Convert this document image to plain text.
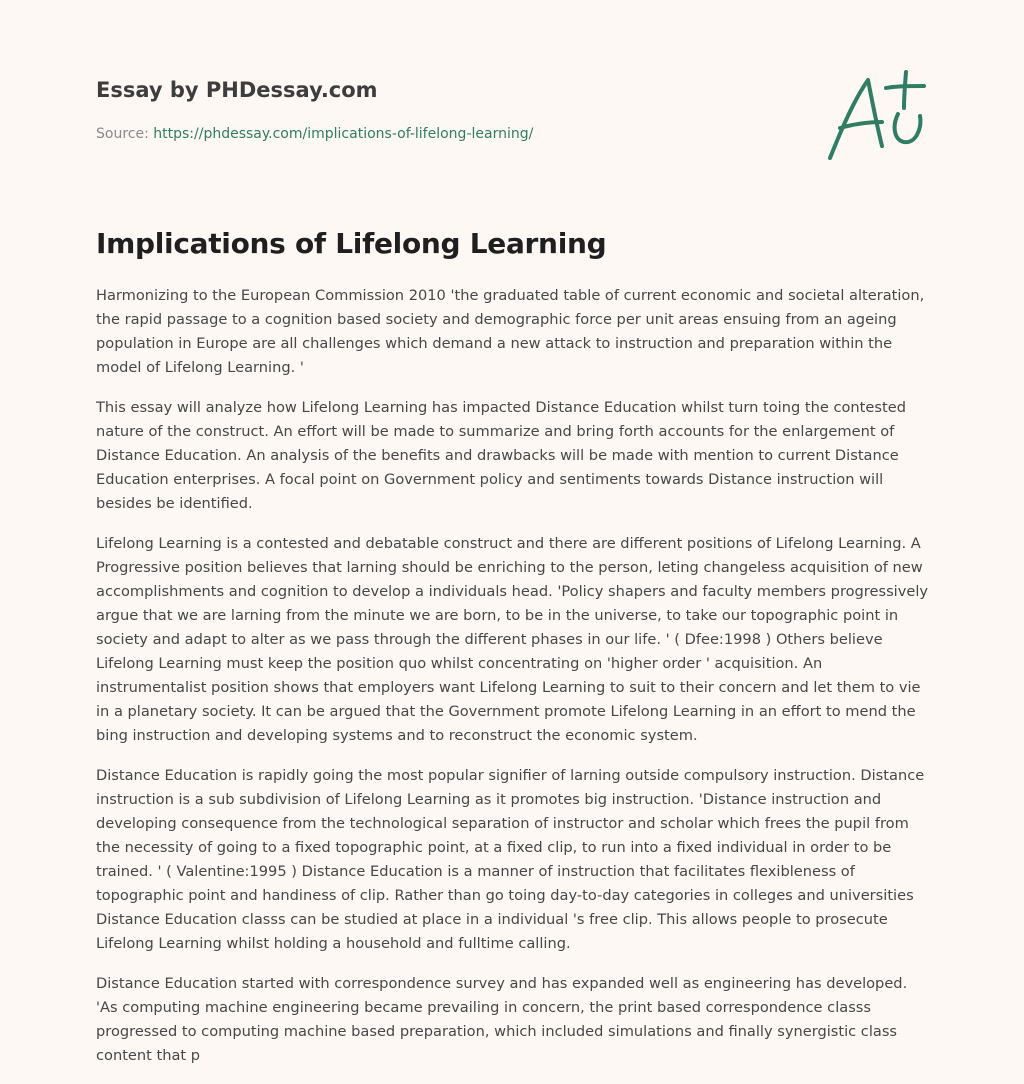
Essay by PHDessay.com
Source: https://phdessay.com/implications-of-lifelong-learning/
Implications of Lifelong Learning

Harmonizing to the European Commission 2010 'the graduated table of current economic and societal alteration, the rapid passage to a cognition based society and demographic force per unit areas ensuing from an ageing population in Europe are all challenges which demand a new attack to instruction and preparation within the model of Lifelong Learning. '

This essay will analyze how Lifelong Learning has impacted Distance Education whilst turn toing the contested nature of the construct. An effort will be made to summarize and bring forth accounts for the enlargement of Distance Education. An analysis of the benefits and drawbacks will be made with mention to current Distance Education enterprises. A focal point on Government policy and sentiments towards Distance instruction will besides be identified.

Lifelong Learning is a contested and debatable construct and there are different positions of Lifelong Learning. A Progressive position believes that larning should be enriching to the person, leting changeless acquisition of new accomplishments and cognition to develop a individuals head. 'Policy shapers and faculty members progressively argue that we are larning from the minute we are born, to be in the universe, to take our topographic point in society and adapt to alter as we pass through the different phases in our life. ' ( Dfee:1998 ) Others believe Lifelong Learning must keep the position quo whilst concentrating on 'higher order ' acquisition. An instrumentalist position shows that employers want Lifelong Learning to suit to their concern and let them to vie in a planetary society. It can be argued that the Government promote Lifelong Learning in an effort to mend the bing instruction and developing systems and to reconstruct the economic system.

Distance Education is rapidly going the most popular signifier of larning outside compulsory instruction. Distance instruction is a sub subdivision of Lifelong Learning as it promotes big instruction. 'Distance instruction and developing consequence from the technological separation of instructor and scholar which frees the pupil from the necessity of going to a fixed topographic point, at a fixed clip, to run into a fixed individual in order to be trained. ' ( Valentine:1995 ) Distance Education is a manner of instruction that facilitates flexibleness of topographic point and handiness of clip. Rather than go toing day-to-day categories in colleges and universities Distance Education classs can be studied at place in a individual 's free clip. This allows people to prosecute Lifelong Learning whilst holding a household and fulltime calling.

Distance Education started with correspondence survey and has expanded well as engineering has developed. 'As computing machine engineering became prevailing in concern, the print based correspondence classs progressed to computing machine based preparation, which included simulations and finally synergistic class content that p
